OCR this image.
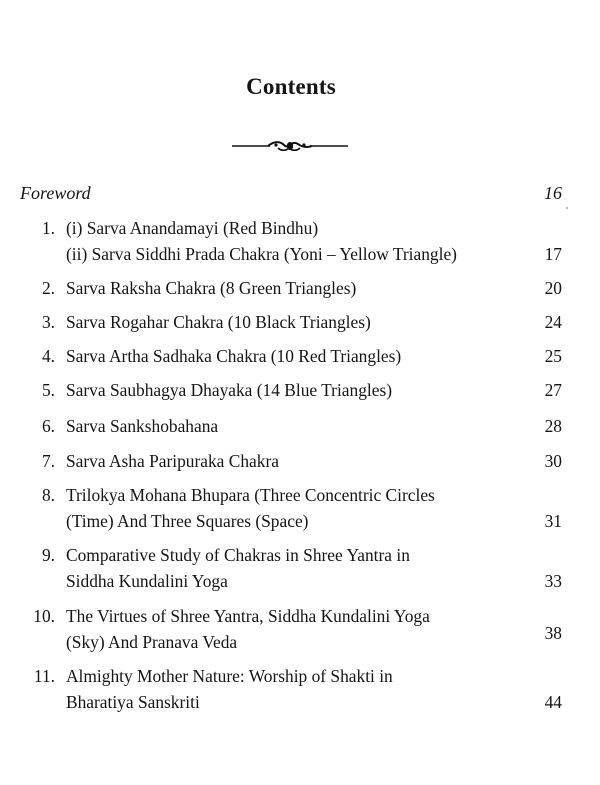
Contents
Foreword	16
1. (i) Sarva Anandamayi (Red Bindhu)
(ii) Sarva Siddhi Prada Chakra (Yoni – Yellow Triangle)	17
2. Sarva Raksha Chakra (8 Green Triangles)	20
3. Sarva Rogahar Chakra (10 Black Triangles)	24
4. Sarva Artha Sadhaka Chakra (10 Red Triangles)	25
5. Sarva Saubhagya Dhayaka (14 Blue Triangles)	27
6. Sarva Sankshobahana	28
7. Sarva Asha Paripuraka Chakra	30
8. Trilokya Mohana Bhupara (Three Concentric Circles
(Time) And Three Squares (Space)	31
9. Comparative Study of Chakras in Shree Yantra in
Siddha Kundalini Yoga	33
10. The Virtues of Shree Yantra, Siddha Kundalini Yoga
(Sky) And Pranava Veda	38
11. Almighty Mother Nature: Worship of Shakti in
Bharatiya Sanskriti	44
